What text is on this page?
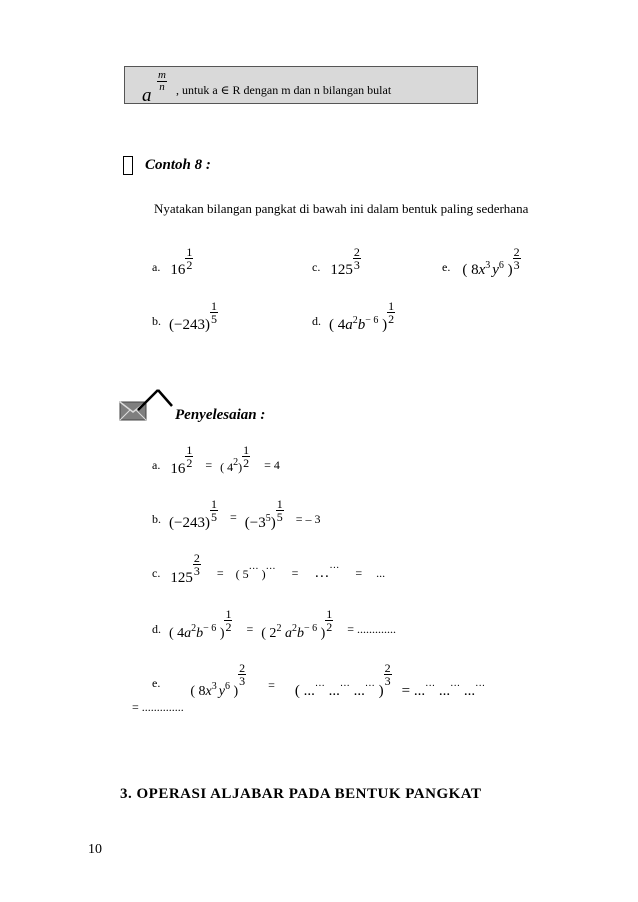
a
$\frac{m}{n}$ , untuk a ∈ R dengan m dan n bilangan bulat
Contoh 8 :
Nyatakan bilangan pangkat di bawah ini dalam bentuk paling sederhana
$_{a.}$ $16 \frac{1}{2}$	$_{c.}$ $125 \frac{2}{3}$	$_{e.}$ ( $8x^3$ $y^6$ ) $\frac{2}{3}$
$_{b.}$ $(-243) \frac{1}{5}$	$_{d.}$ ( $4a^2b^{- 6}$ ) $\frac{1}{2}$
Penyelesaian :
$_{a.}$ $16 \frac{1}{2} _=$ $_{( 4^2)} \frac{1}{2} _{= 4}$
$_{b.}$ $(-243) \frac{1}{5} _=$ $(-3^5) \frac{1}{5} _{= - 3}$
$_{c.}$ 125
$\frac{2}{3} _=$ $_{( 5^{\cdot\cdot\cdot} )^{\cdot\cdot\cdot}}$ $_=$ …··· $_=$ $_{...}$
$_{d.}$ ( $4a^2b^{- 6}$ )
$\frac{1}{2} _=$ ( $2^2$ $a^2b^{- 6}$ )
$\frac{1}{2} _{= .............}$
$_{e.}$ ( $8x^3$ $y^6$ )
$\frac{2}{3} _=$ ( ...··· ...··· ...··· )
$\frac{2}{3}$
= ...··· ...··· ...···
= ..............
3. OPERASI ALJABAR PADA BENTUK PANGKAT
10
